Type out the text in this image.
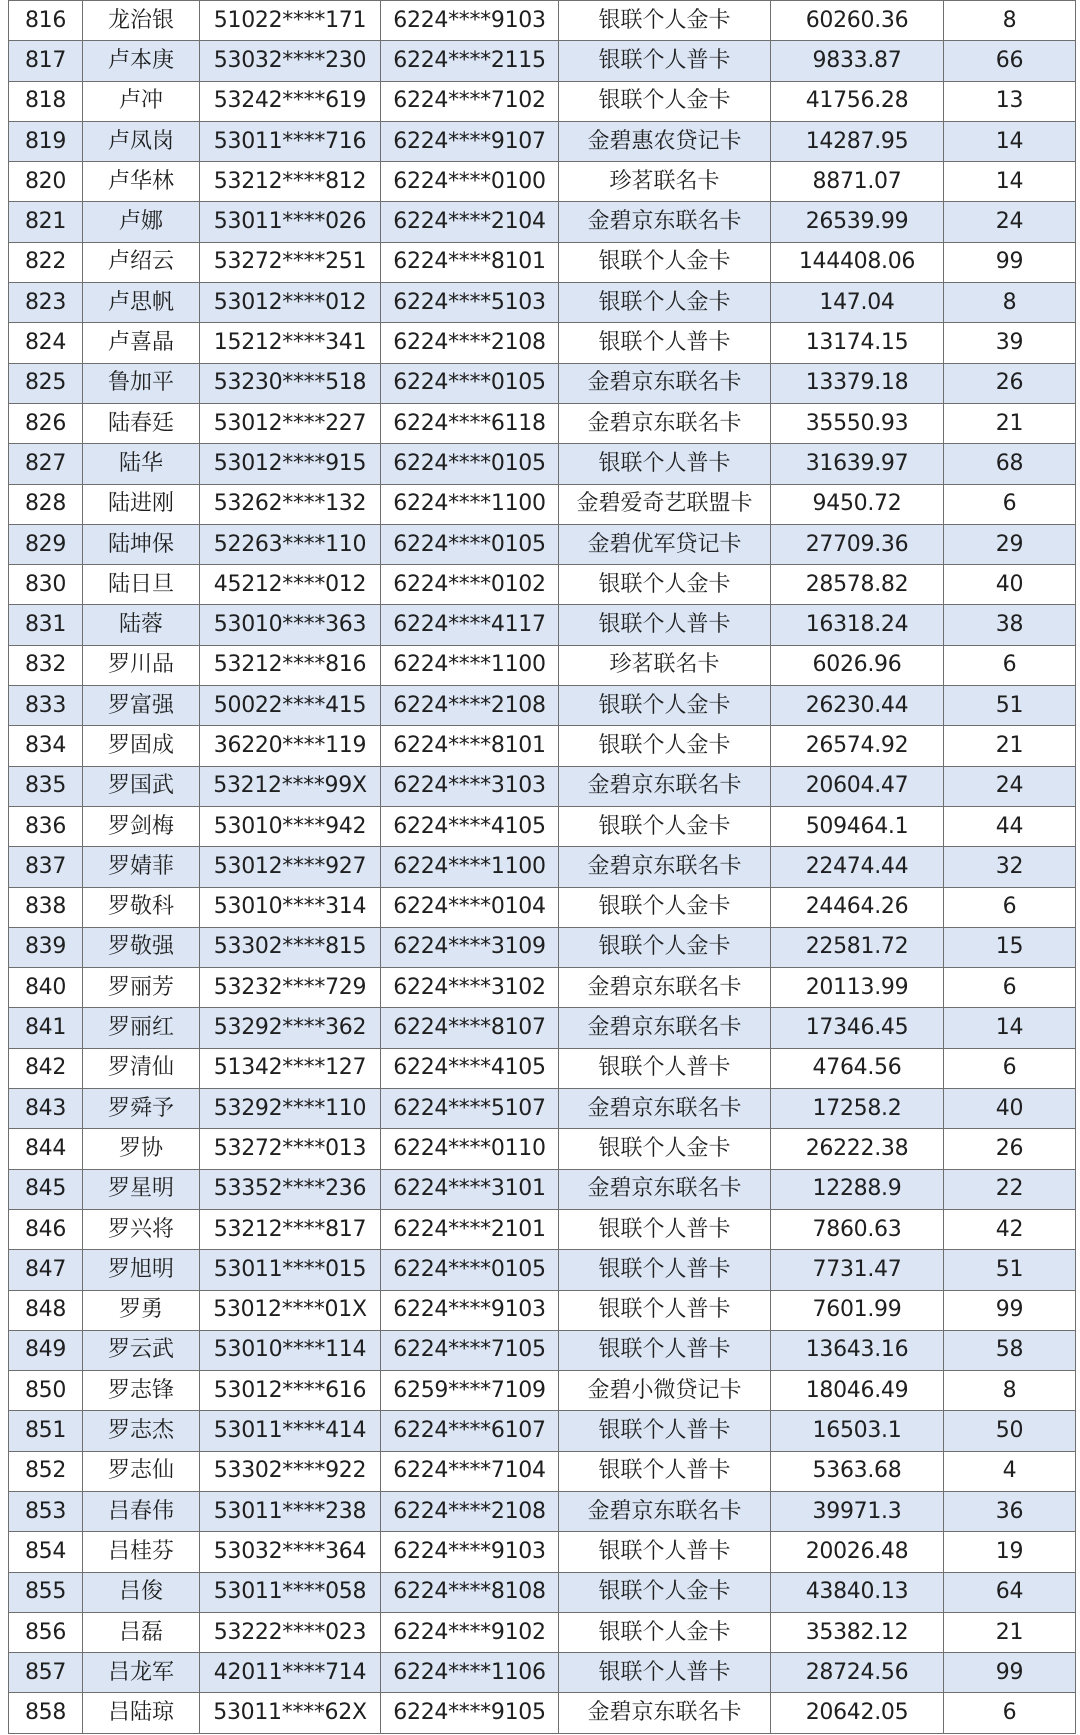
816	龙治银	51022****171	6224****9103	银联个人金卡	60260.36	8
817	卢本庚	53032****230	6224****2115	银联个人普卡	9833.87	66
818	卢冲	53242****619	6224****7102	银联个人金卡	41756.28	13
819	卢凤岗	53011****716	6224****9107	金碧惠农贷记卡	14287.95	14
820	卢华林	53212****812	6224****0100	珍茗联名卡	8871.07	14
821	卢娜	53011****026	6224****2104	金碧京东联名卡	26539.99	24
822	卢绍云	53272****251	6224****8101	银联个人金卡	144408.06	99
823	卢思帆	53012****012	6224****5103	银联个人金卡	147.04	8
824	卢喜晶	15212****341	6224****2108	银联个人普卡	13174.15	39
825	鲁加平	53230****518	6224****0105	金碧京东联名卡	13379.18	26
826	陆春廷	53012****227	6224****6118	金碧京东联名卡	35550.93	21
827	陆华	53012****915	6224****0105	银联个人普卡	31639.97	68
828	陆进刚	53262****132	6224****1100	金碧爱奇艺联盟卡	9450.72	6
829	陆坤保	52263****110	6224****0105	金碧优军贷记卡	27709.36	29
830	陆日旦	45212****012	6224****0102	银联个人金卡	28578.82	40
831	陆蓉	53010****363	6224****4117	银联个人普卡	16318.24	38
832	罗川品	53212****816	6224****1100	珍茗联名卡	6026.96	6
833	罗富强	50022****415	6224****2108	银联个人金卡	26230.44	51
834	罗固成	36220****119	6224****8101	银联个人金卡	26574.92	21
835	罗国武	53212****99X	6224****3103	金碧京东联名卡	20604.47	24
836	罗剑梅	53010****942	6224****4105	银联个人金卡	509464.1	44
837	罗婧菲	53012****927	6224****1100	金碧京东联名卡	22474.44	32
838	罗敬科	53010****314	6224****0104	银联个人金卡	24464.26	6
839	罗敬强	53302****815	6224****3109	银联个人金卡	22581.72	15
840	罗丽芳	53232****729	6224****3102	金碧京东联名卡	20113.99	6
841	罗丽红	53292****362	6224****8107	金碧京东联名卡	17346.45	14
842	罗清仙	51342****127	6224****4105	银联个人普卡	4764.56	6
843	罗舜予	53292****110	6224****5107	金碧京东联名卡	17258.2	40
844	罗协	53272****013	6224****0110	银联个人金卡	26222.38	26
845	罗星明	53352****236	6224****3101	金碧京东联名卡	12288.9	22
846	罗兴将	53212****817	6224****2101	银联个人普卡	7860.63	42
847	罗旭明	53011****015	6224****0105	银联个人普卡	7731.47	51
848	罗勇	53012****01X	6224****9103	银联个人普卡	7601.99	99
849	罗云武	53010****114	6224****7105	银联个人普卡	13643.16	58
850	罗志锋	53012****616	6259****7109	金碧小微贷记卡	18046.49	8
851	罗志杰	53011****414	6224****6107	银联个人普卡	16503.1	50
852	罗志仙	53302****922	6224****7104	银联个人普卡	5363.68	4
853	吕春伟	53011****238	6224****2108	金碧京东联名卡	39971.3	36
854	吕桂芬	53032****364	6224****9103	银联个人普卡	20026.48	19
855	吕俊	53011****058	6224****8108	银联个人金卡	43840.13	64
856	吕磊	53222****023	6224****9102	银联个人金卡	35382.12	21
857	吕龙军	42011****714	6224****1106	银联个人普卡	28724.56	99
858	吕陆琼	53011****62X	6224****9105	金碧京东联名卡	20642.05	6
